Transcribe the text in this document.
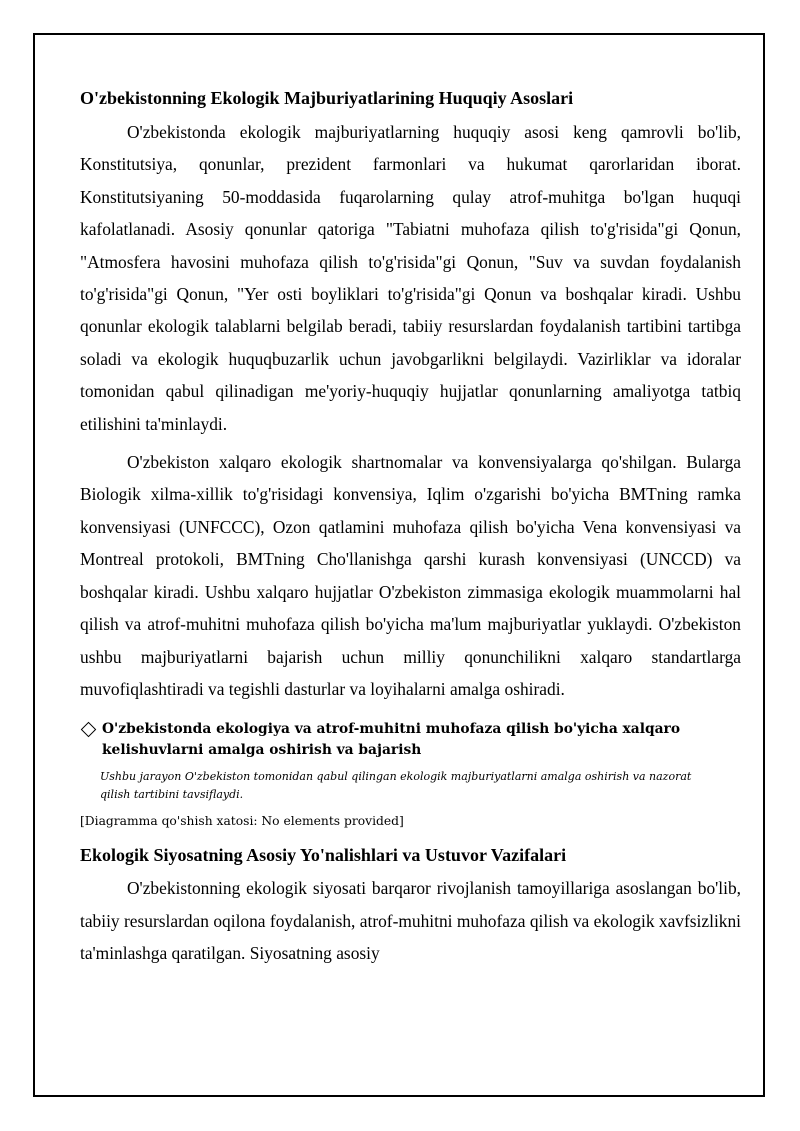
O'zbekistonning Ekologik Majburiyatlarining Huquqiy Asoslari

O'zbekistonda ekologik majburiyatlarning huquqiy asosi keng qamrovli bo'lib, Konstitutsiya, qonunlar, prezident farmonlari va hukumat qarorlaridan iborat. Konstitutsiyaning 50-moddasida fuqarolarning qulay atrof-muhitga bo'lgan huquqi kafolatlanadi. Asosiy qonunlar qatoriga "Tabiatni muhofaza qilish to'g'risida"gi Qonun, "Atmosfera havosini muhofaza qilish to'g'risida"gi Qonun, "Suv va suvdan foydalanish to'g'risida"gi Qonun, "Yer osti boyliklari to'g'risida"gi Qonun va boshqalar kiradi. Ushbu qonunlar ekologik talablarni belgilab beradi, tabiiy resurslardan foydalanish tartibini tartibga soladi va ekologik huquqbuzarlik uchun javobgarlikni belgilaydi. Vazirliklar va idoralar tomonidan qabul qilinadigan me'yoriy-huquqiy hujjatlar qonunlarning amaliyotga tatbiq etilishini ta'minlaydi.

O'zbekiston xalqaro ekologik shartnomalar va konvensiyalarga qo'shilgan. Bularga Biologik xilma-xillik to'g'risidagi konvensiya, Iqlim o'zgarishi bo'yicha BMTning ramka konvensiyasi (UNFCCC), Ozon qatlamini muhofaza qilish bo'yicha Vena konvensiyasi va Montreal protokoli, BMTning Cho'llanishga qarshi kurash konvensiyasi (UNCCD) va boshqalar kiradi. Ushbu xalqaro hujjatlar O'zbekiston zimmasiga ekologik muammolarni hal qilish va atrof-muhitni muhofaza qilish bo'yicha ma'lum majburiyatlar yuklaydi. O'zbekiston ushbu majburiyatlarni bajarish uchun milliy qonunchilikni xalqaro standartlarga muvofiqlashtiradi va tegishli dasturlar va loyihalarni amalga oshiradi.

O'zbekistonda ekologiya va atrof-muhitni muhofaza qilish bo'yicha xalqaro kelishuvlarni amalga oshirish va bajarish
Ushbu jarayon O'zbekiston tomonidan qabul qilingan ekologik majburiyatlarni amalga oshirish va nazorat qilish tartibini tavsiflaydi.
[Diagramma qo'shish xatosi: No elements provided]
Ekologik Siyosatning Asosiy Yo'nalishlari va Ustuvor Vazifalari

O'zbekistonning ekologik siyosati barqaror rivojlanish tamoyillariga asoslangan bo'lib, tabiiy resurslardan oqilona foydalanish, atrof-muhitni muhofaza qilish va ekologik xavfsizlikni ta'minlashga qaratilgan. Siyosatning asosiy
